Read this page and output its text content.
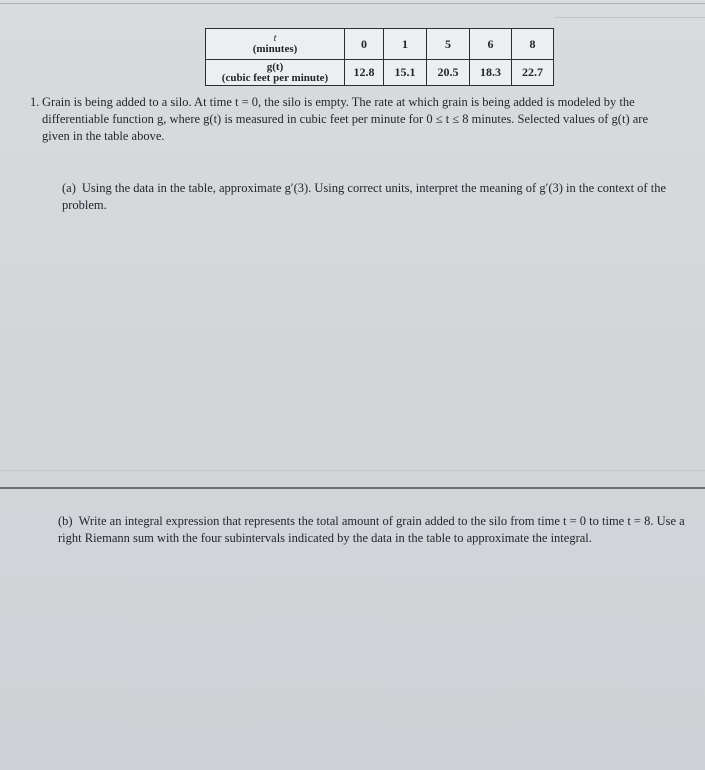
t
(minutes)	0	1	5	6	8

g(t)
(cubic feet per minute)	12.8	15.1	20.5	18.3	22.7
1. Grain is being added to a silo. At time t = 0, the silo is empty. The rate at which grain is being added is modeled by the differentiable function g, where g(t) is measured in cubic feet per minute for 0 ≤ t ≤ 8 minutes. Selected values of g(t) are given in the table above.
(a) Using the data in the table, approximate g′(3). Using correct units, interpret the meaning of g′(3) in the context of the problem.
(b) Write an integral expression that represents the total amount of grain added to the silo from time t = 0 to time t = 8. Use a right Riemann sum with the four subintervals indicated by the data in the table to approximate the integral.
